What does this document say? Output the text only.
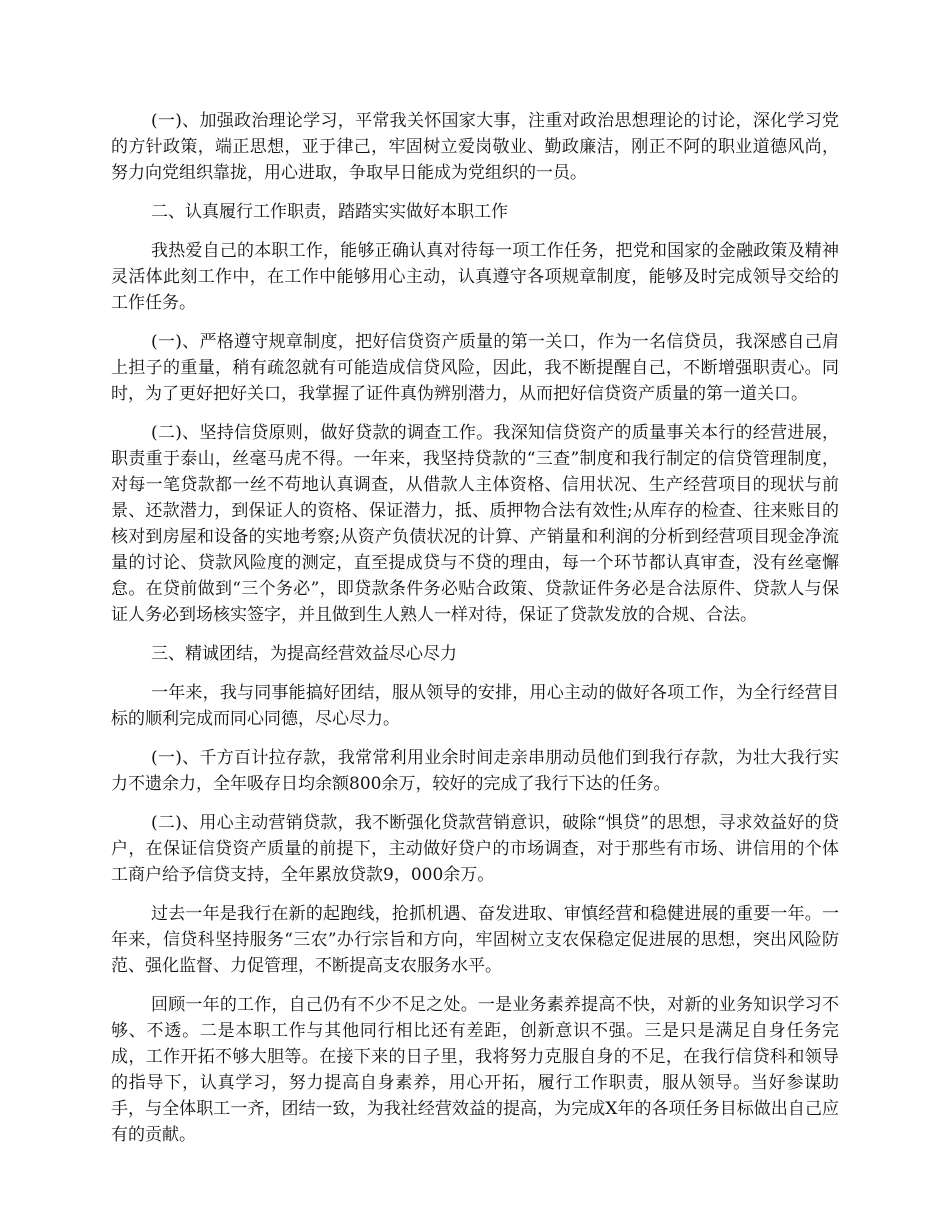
(一)、加强政治理论学习，平常我关怀国家大事，注重对政治思想理论的讨论，深化学习党的方针政策，端正思想，亚于律己，牢固树立爱岗敬业、勤政廉洁，刚正不阿的职业道德风尚，努力向党组织靠拢，用心进取，争取早日能成为党组织的一员。

二、认真履行工作职责，踏踏实实做好本职工作

我热爱自己的本职工作，能够正确认真对待每一项工作任务，把党和国家的金融政策及精神灵活体此刻工作中，在工作中能够用心主动，认真遵守各项规章制度，能够及时完成领导交给的工作任务。

(一)、严格遵守规章制度，把好信贷资产质量的第一关口，作为一名信贷员，我深感自己肩上担子的重量，稍有疏忽就有可能造成信贷风险，因此，我不断提醒自己，不断增强职责心。同时，为了更好把好关口，我掌握了证件真伪辨别潜力，从而把好信贷资产质量的第一道关口。

(二)、坚持信贷原则，做好贷款的调查工作。我深知信贷资产的质量事关本行的经营进展，职责重于泰山，丝毫马虎不得。一年来，我坚持贷款的“三查”制度和我行制定的信贷管理制度，对每一笔贷款都一丝不苟地认真调查，从借款人主体资格、信用状况、生产经营项目的现状与前景、还款潜力，到保证人的资格、保证潜力，抵、质押物合法有效性;从库存的检查、往来账目的核对到房屋和设备的实地考察;从资产负债状况的计算、产销量和利润的分析到经营项目现金净流量的讨论、贷款风险度的测定，直至提成贷与不贷的理由，每一个环节都认真审查，没有丝毫懈怠。在贷前做到“三个务必”，即贷款条件务必贴合政策、贷款证件务必是合法原件、贷款人与保证人务必到场核实签字，并且做到生人熟人一样对待，保证了贷款发放的合规、合法。

三、精诚团结，为提高经营效益尽心尽力

一年来，我与同事能搞好团结，服从领导的安排，用心主动的做好各项工作，为全行经营目标的顺利完成而同心同德，尽心尽力。

(一)、千方百计拉存款，我常常利用业余时间走亲串朋动员他们到我行存款，为壮大我行实力不遗余力，全年吸存日均余额800余万，较好的完成了我行下达的任务。

(二)、用心主动营销贷款，我不断强化贷款营销意识，破除“惧贷”的思想，寻求效益好的贷户，在保证信贷资产质量的前提下，主动做好贷户的市场调查，对于那些有市场、讲信用的个体工商户给予信贷支持，全年累放贷款9，000余万。

过去一年是我行在新的起跑线，抢抓机遇、奋发进取、审慎经营和稳健进展的重要一年。一年来，信贷科坚持服务“三农”办行宗旨和方向，牢固树立支农保稳定促进展的思想，突出风险防范、强化监督、力促管理，不断提高支农服务水平。

回顾一年的工作，自己仍有不少不足之处。一是业务素养提高不快，对新的业务知识学习不够、不透。二是本职工作与其他同行相比还有差距，创新意识不强。三是只是满足自身任务完成，工作开拓不够大胆等。在接下来的日子里，我将努力克服自身的不足，在我行信贷科和领导的指导下，认真学习，努力提高自身素养，用心开拓，履行工作职责，服从领导。当好参谋助手，与全体职工一齐，团结一致，为我社经营效益的提高，为完成X年的各项任务目标做出自己应有的贡献。
